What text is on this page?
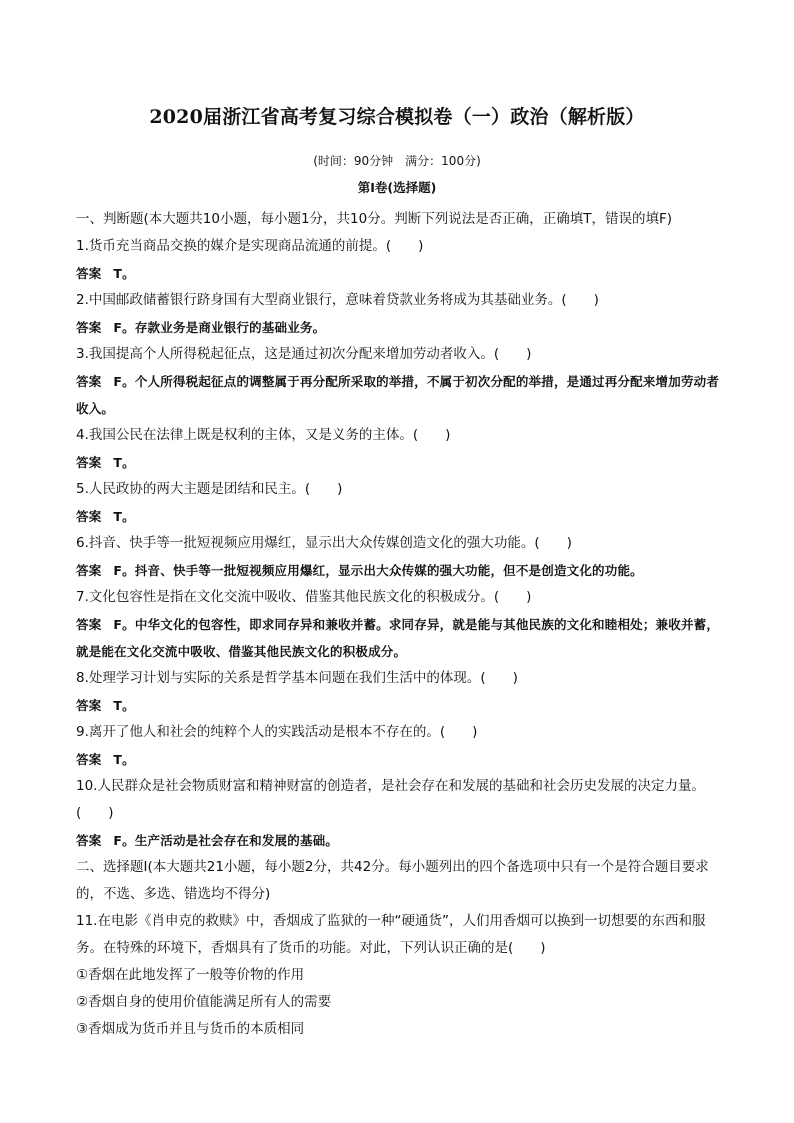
2020届浙江省高考复习综合模拟卷（一）政治（解析版）
(时间：90分钟　满分：100分)
第Ⅰ卷(选择题)

一、判断题(本大题共10小题，每小题1分，共10分。判断下列说法是否正确，正确填T，错误的填F)

1.货币充当商品交换的媒介是实现商品流通的前提。(　　)

答案 T。

2.中国邮政储蓄银行跻身国有大型商业银行，意味着贷款业务将成为其基础业务。(　　)

答案 F。存款业务是商业银行的基础业务。

3.我国提高个人所得税起征点，这是通过初次分配来增加劳动者收入。(　　)

答案 F。个人所得税起征点的调整属于再分配所采取的举措，不属于初次分配的举措，是通过再分配来增加劳动者收入。

4.我国公民在法律上既是权利的主体，又是义务的主体。(　　)

答案 T。

5.人民政协的两大主题是团结和民主。(　　)

答案 T。

6.抖音、快手等一批短视频应用爆红，显示出大众传媒创造文化的强大功能。(　　)

答案 F。抖音、快手等一批短视频应用爆红，显示出大众传媒的强大功能，但不是创造文化的功能。

7.文化包容性是指在文化交流中吸收、借鉴其他民族文化的积极成分。(　　)

答案 F。中华文化的包容性，即求同存异和兼收并蓄。求同存异，就是能与其他民族的文化和睦相处；兼收并蓄，就是能在文化交流中吸收、借鉴其他民族文化的积极成分。

8.处理学习计划与实际的关系是哲学基本问题在我们生活中的体现。(　　)

答案 T。

9.离开了他人和社会的纯粹个人的实践活动是根本不存在的。(　　)

答案 T。

10.人民群众是社会物质财富和精神财富的创造者，是社会存在和发展的基础和社会历史发展的决定力量。(　　)

答案 F。生产活动是社会存在和发展的基础。

二、选择题Ⅰ(本大题共21小题，每小题2分，共42分。每小题列出的四个备选项中只有一个是符合题目要求的，不选、多选、错选均不得分)

11.在电影《肖申克的救赎》中，香烟成了监狱的一种“硬通货”，人们用香烟可以换到一切想要的东西和服务。在特殊的环境下，香烟具有了货币的功能。对此，下列认识正确的是(　　)

①香烟在此地发挥了一般等价物的作用

②香烟自身的使用价值能满足所有人的需要

③香烟成为货币并且与货币的本质相同
